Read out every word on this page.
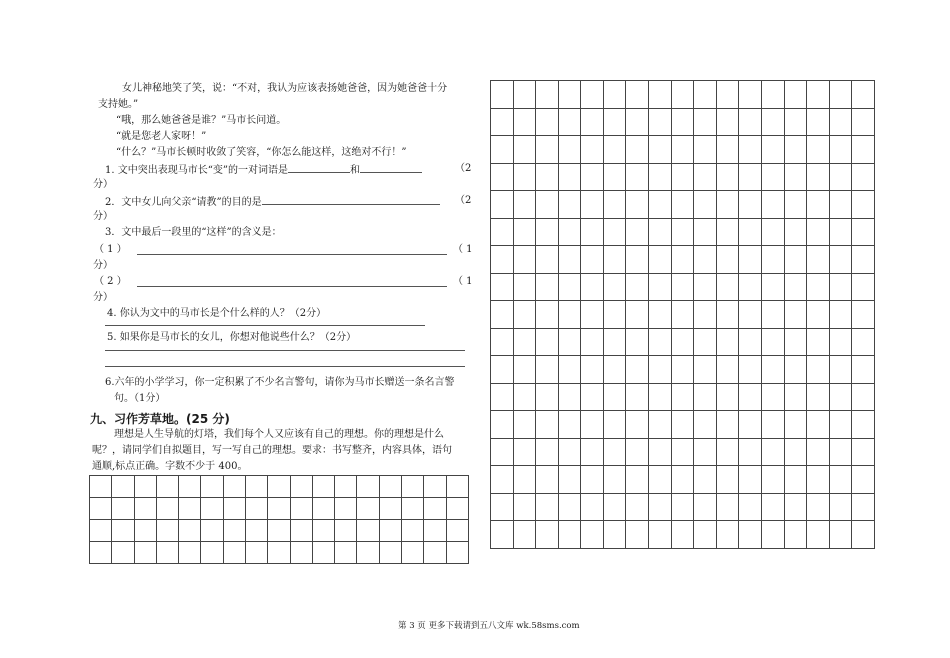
女儿神秘地笑了笑，说：“不对，我认为应该表扬她爸爸，因为她爸爸十分
支持她。”
“哦，那么她爸爸是谁？”马市长问道。
“就是您老人家呀！”
“什么？”马市长顿时收敛了笑容，“你怎么能这样，这绝对不行！”
1. 文中突出表现马市长“变”的一对词语是	和	（2
分）
2．文中女儿向父亲“请教”的目的是	（2
分）
3．文中最后一段里的“这样”的含义是：
（ 1 ）	（ 1
分）
（ 2 ）	（ 1
分）
4. 你认为文中的马市长是个什么样的人？（2分）
5. 如果你是马市长的女儿，你想对他说些什么？（2分）
6.六年的小学学习，你一定积累了不少名言警句，请你为马市长赠送一条名言警
句。（1分）
九、习作芳草地。(25 分)
理想是人生导航的灯塔，我们每个人又应该有自己的理想。你的理想是什么
呢？，请同学们自拟题目，写一写自己的理想。要求：书写整齐，内容具体，语句
通顺,标点正确。字数不少于 400。

第 3 页 更多下载请到五八文库 wk.58sms.com
